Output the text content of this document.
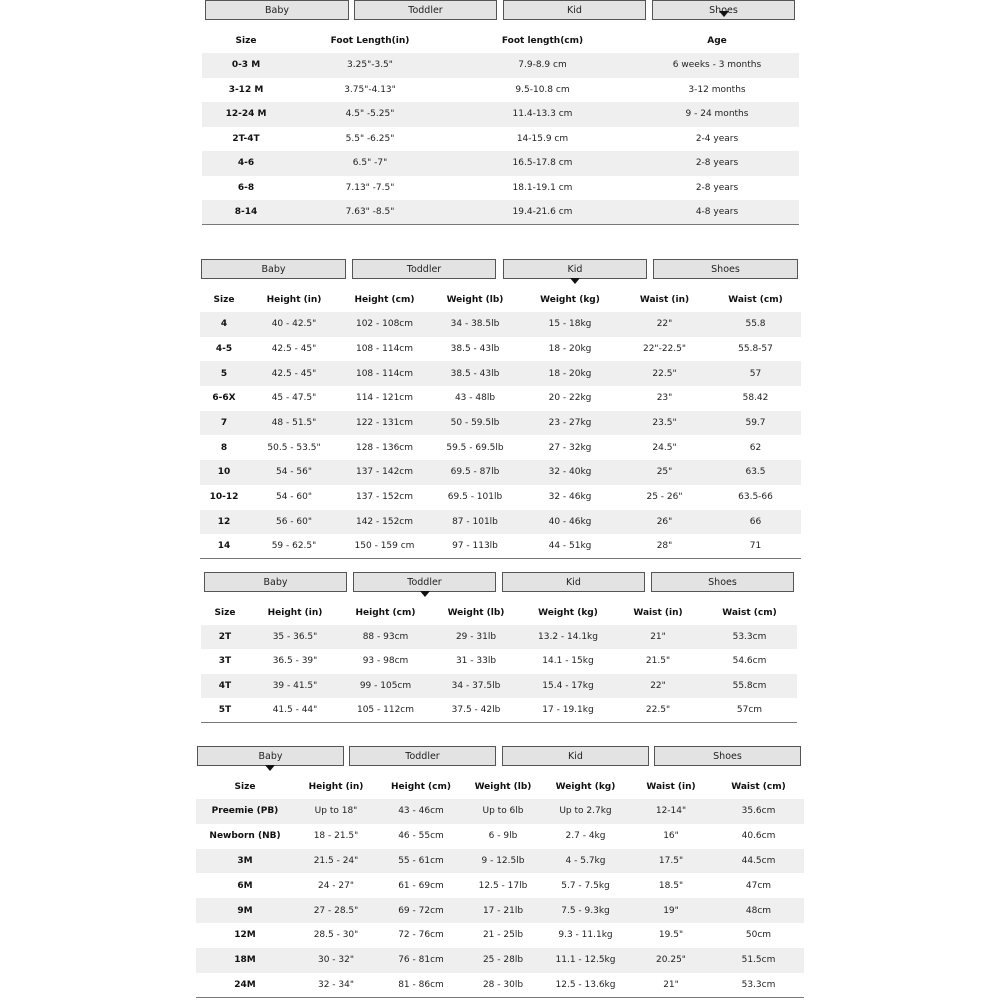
Baby	Toddler	Kid	Shoes
Size	Foot Length(in)	Foot length(cm)	Age
0-3 M	3.25"-3.5"	7.9-8.9 cm	6 weeks - 3 months
3-12 M	3.75"-4.13"	9.5-10.8 cm	3-12 months
12-24 M	4.5" -5.25"	11.4-13.3 cm	9 - 24 months
2T-4T	5.5" -6.25"	14-15.9 cm	2-4 years
4-6	6.5" -7"	16.5-17.8 cm	2-8 years
6-8	7.13" -7.5"	18.1-19.1 cm	2-8 years
8-14	7.63" -8.5"	19.4-21.6 cm	4-8 years
Baby	Toddler	Kid	Shoes
Size	Height (in)	Height (cm)	Weight (lb)	Weight (kg)	Waist (in)	Waist (cm)
4	40 - 42.5"	102 - 108cm	34 - 38.5lb	15 - 18kg	22"	55.8
4-5	42.5 - 45"	108 - 114cm	38.5 - 43lb	18 - 20kg	22"-22.5"	55.8-57
5	42.5 - 45"	108 - 114cm	38.5 - 43lb	18 - 20kg	22.5"	57
6-6X	45 - 47.5"	114 - 121cm	43 - 48lb	20 - 22kg	23"	58.42
7	48 - 51.5"	122 - 131cm	50 - 59.5lb	23 - 27kg	23.5"	59.7
8	50.5 - 53.5"	128 - 136cm	59.5 - 69.5lb	27 - 32kg	24.5"	62
10	54 - 56"	137 - 142cm	69.5 - 87lb	32 - 40kg	25"	63.5
10-12	54 - 60"	137 - 152cm	69.5 - 101lb	32 - 46kg	25 - 26"	63.5-66
12	56 - 60"	142 - 152cm	87 - 101lb	40 - 46kg	26"	66
14	59 - 62.5"	150 - 159 cm	97 - 113lb	44 - 51kg	28"	71
Baby	Toddler	Kid	Shoes
Size	Height (in)	Height (cm)	Weight (lb)	Weight (kg)	Waist (in)	Waist (cm)
2T	35 - 36.5"	88 - 93cm	29 - 31lb	13.2 - 14.1kg	21"	53.3cm
3T	36.5 - 39"	93 - 98cm	31 - 33lb	14.1 - 15kg	21.5"	54.6cm
4T	39 - 41.5"	99 - 105cm	34 - 37.5lb	15.4 - 17kg	22"	55.8cm
5T	41.5 - 44"	105 - 112cm	37.5 - 42lb	17 - 19.1kg	22.5"	57cm
Baby	Toddler	Kid	Shoes
Size	Height (in)	Height (cm)	Weight (lb)	Weight (kg)	Waist (in)	Waist (cm)
Preemie (PB)	Up to 18"	43 - 46cm	Up to 6lb	Up to 2.7kg	12-14"	35.6cm
Newborn (NB)	18 - 21.5"	46 - 55cm	6 - 9lb	2.7 - 4kg	16"	40.6cm
3M	21.5 - 24"	55 - 61cm	9 - 12.5lb	4 - 5.7kg	17.5"	44.5cm
6M	24 - 27"	61 - 69cm	12.5 - 17lb	5.7 - 7.5kg	18.5"	47cm
9M	27 - 28.5"	69 - 72cm	17 - 21lb	7.5 - 9.3kg	19"	48cm
12M	28.5 - 30"	72 - 76cm	21 - 25lb	9.3 - 11.1kg	19.5"	50cm
18M	30 - 32"	76 - 81cm	25 - 28lb	11.1 - 12.5kg	20.25"	51.5cm
24M	32 - 34"	81 - 86cm	28 - 30lb	12.5 - 13.6kg	21"	53.3cm
